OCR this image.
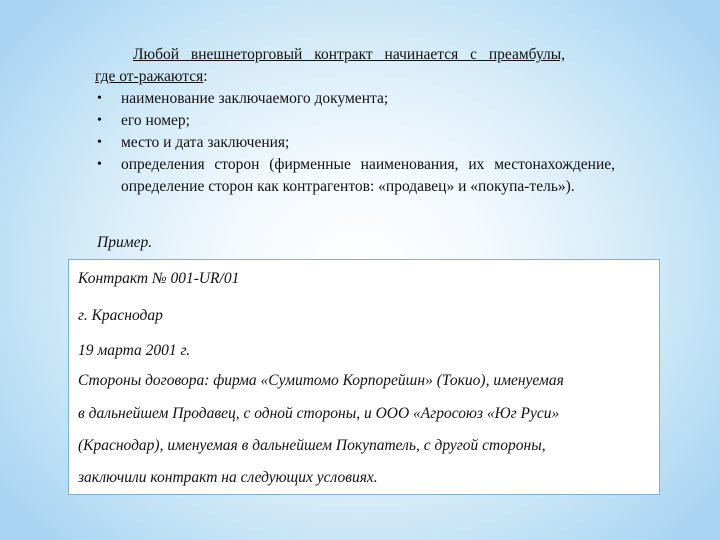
Любой внешнеторговый контракт начинается с преамбулы,

где от-ражаются:

• наименование заключаемого документа;
• его номер;
• место и дата заключения;
• определения сторон (фирменные наименования, их местонахождение, определение сторон как контрагентов: «продавец» и «покупа-тель»).
Пример.
Контракт № 001-UR/01
г. Краснодар
19 марта 2001 г.
Стороны договора: фирма «Сумитомо Корпорейшн» (Токио), именуемая
в дальнейшем Продавец, с одной стороны, и ООО «Агросоюз «Юг Руси»
(Краснодар), именуемая в дальнейшем Покупатель, с другой стороны,
заключили контракт на следующих условиях.
